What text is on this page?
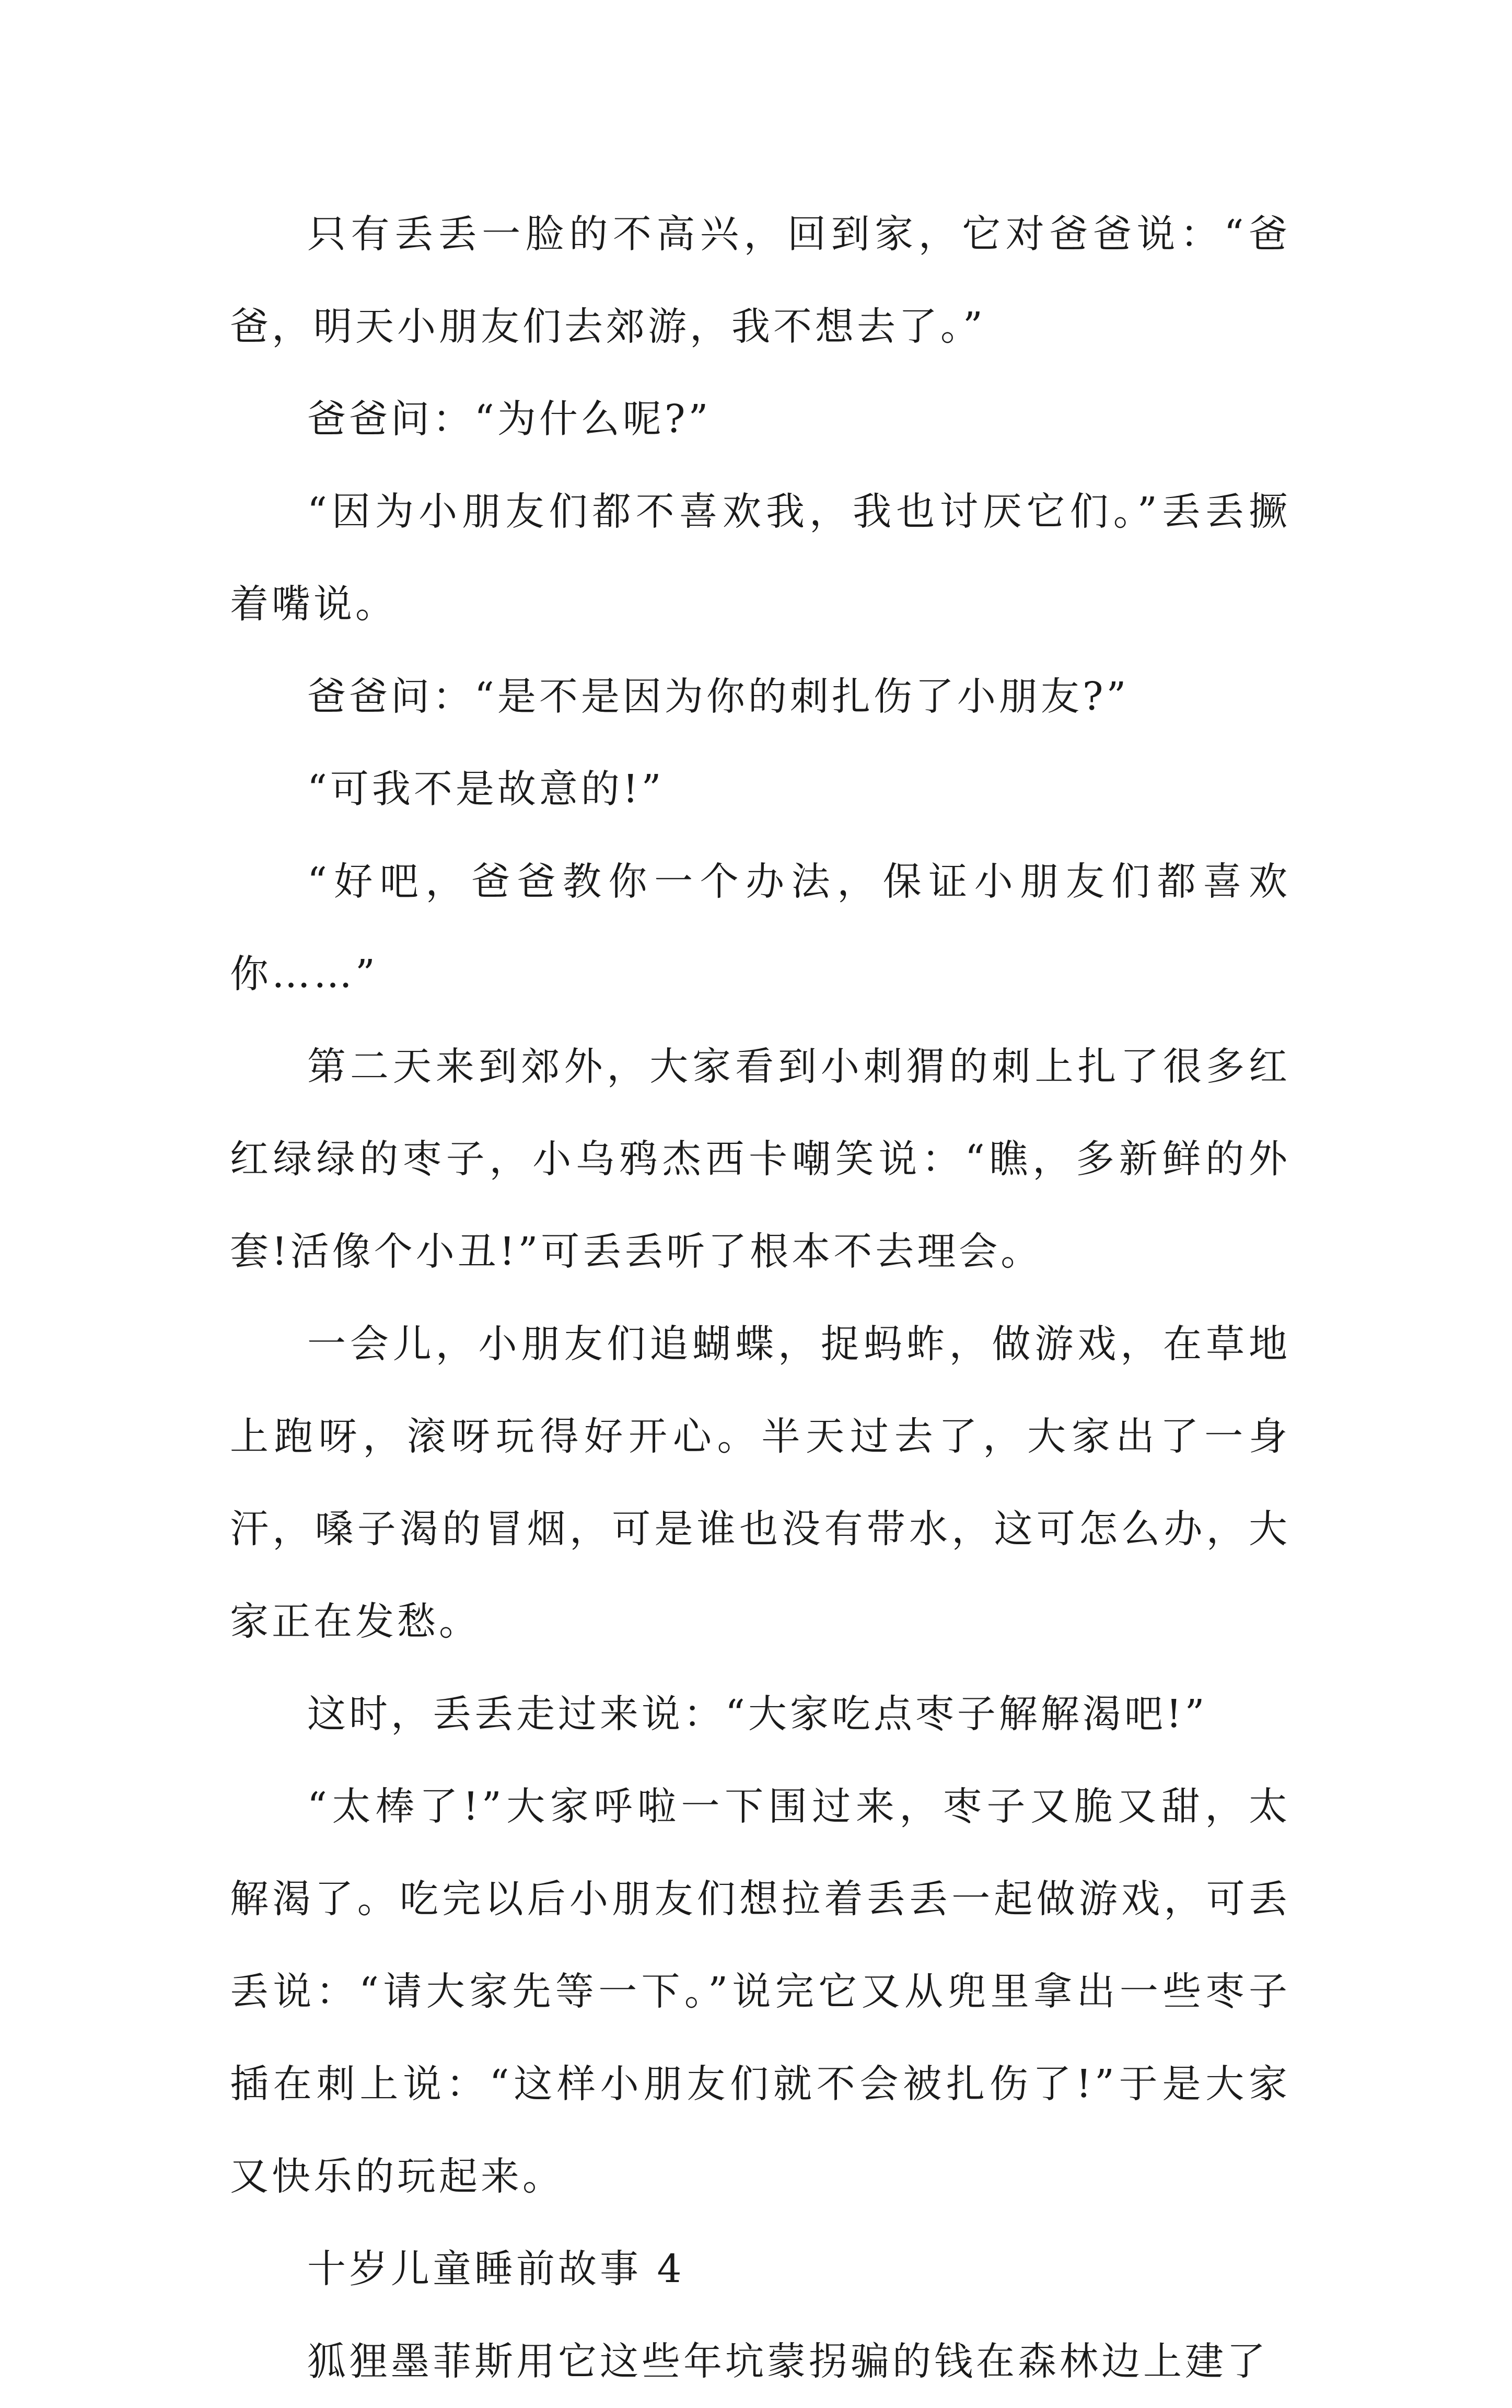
只有丢丢一脸的不高兴，回到家，它对爸爸说：“爸爸，明天小朋友们去郊游，我不想去了。”

爸爸问：“为什么呢?”

“因为小朋友们都不喜欢我，我也讨厌它们。”丢丢撅着嘴说。

爸爸问：“是不是因为你的刺扎伤了小朋友?”

“可我不是故意的!”

“好吧，爸爸教你一个办法，保证小朋友们都喜欢你……”

第二天来到郊外，大家看到小刺猬的刺上扎了很多红红绿绿的枣子，小乌鸦杰西卡嘲笑说：“瞧，多新鲜的外套!活像个小丑!”可丢丢听了根本不去理会。

一会儿，小朋友们追蝴蝶，捉蚂蚱，做游戏，在草地上跑呀，滚呀玩得好开心。半天过去了，大家出了一身汗，嗓子渴的冒烟，可是谁也没有带水，这可怎么办，大家正在发愁。

这时，丢丢走过来说：“大家吃点枣子解解渴吧!”

“太棒了!”大家呼啦一下围过来，枣子又脆又甜，太解渴了。吃完以后小朋友们想拉着丢丢一起做游戏，可丢丢说：“请大家先等一下。”说完它又从兜里拿出一些枣子插在刺上说：“这样小朋友们就不会被扎伤了!”于是大家又快乐的玩起来。

十岁儿童睡前故事 4

狐狸墨菲斯用它这些年坑蒙拐骗的钱在森林边上建了
